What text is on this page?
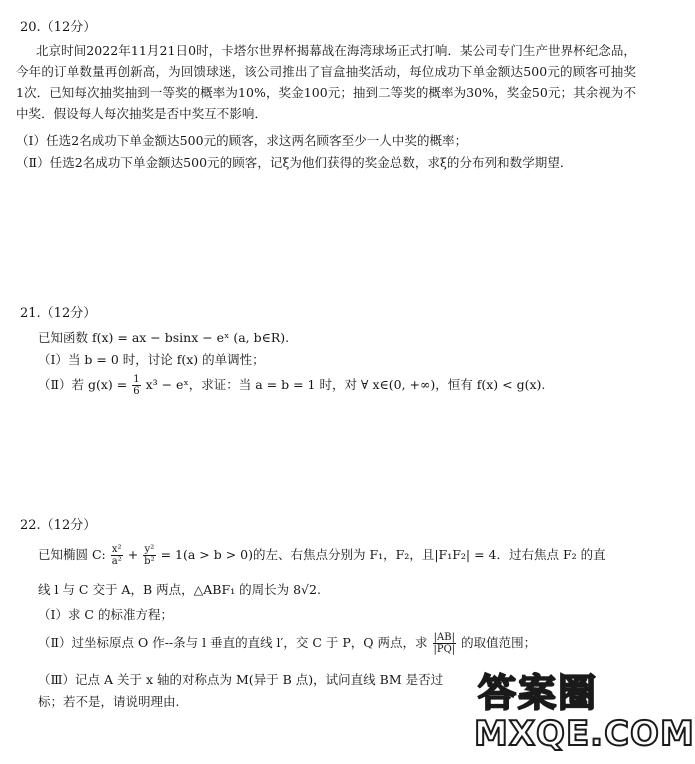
20.（12分）
北京时间2022年11月21日0时，卡塔尔世界杯揭幕战在海湾球场正式打响．某公司专门生产世界杯纪念品，今年的订单数量再创新高，为回馈球迷，该公司推出了盲盒抽奖活动，每位成功下单金额达500元的顾客可抽奖1次．已知每次抽奖抽到一等奖的概率为10%，奖金100元；抽到二等奖的概率为30%，奖金50元；其余视为不中奖．假设每人每次抽奖是否中奖互不影响．
（Ⅰ）任选2名成功下单金额达500元的顾客，求这两名顾客至少一人中奖的概率；
（Ⅱ）任选2名成功下单金额达500元的顾客，记ξ为他们获得的奖金总数，求ξ的分布列和数学期望．
21.（12分）
已知函数 f(x) = ax − bsinx − eˣ (a, b∈R).
（Ⅰ）当 b = 0 时，讨论 f(x) 的单调性；
（Ⅱ）若 $g(x) = \frac{1}{6} x^3$ − eˣ，求证：当 a = b = 1 时，对 ∀ x∈(0, +∞)，恒有 f(x) < g(x).
22.（12分）
已知椭圆 C: $\frac{\text{x²}}{\text{a²}} + \frac{\text{y²}}{\text{b²}} = 1(a > b > 0)$的左、右焦点分别为 F₁，F₂，且|F₁F₂| = 4．过右焦点 F₂ 的直
线 l 与 C 交于 A，B 两点，△ABF₁ 的周长为 8√2.
（Ⅰ）求 C 的标准方程；
（Ⅱ）过坐标原点 O 作--条与 l 垂直的直线 l′，交 C 于 P，Q 两点，求 $\frac{|AB|}{|PQ|}$ 的取值范围；
（Ⅲ）记点 A 关于 x 轴的对称点为 M(异于 B 点)，试问直线 BM 是否过
标；若不是，请说明理由.	答案圈
MXQE.COM
